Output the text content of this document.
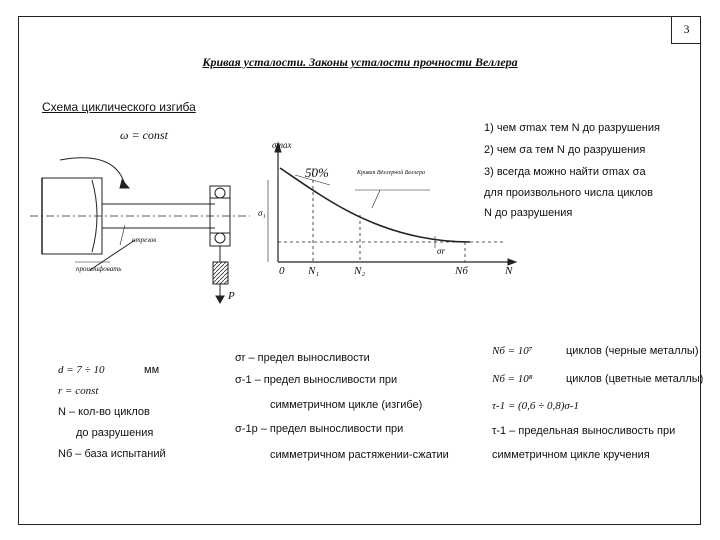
3
Кривая усталости. Законы усталости прочности Веллера
Схема циклического изгиба
ω = const
P
отрезок
прошлифовать
σmax
N
0 N₁	N₂	Nб
σ₁
σr
50%	Кривая Вёхлерной Веллера
1) чем σmax тем N до разрушения
2) чем σa тем N до разрушения
3) всегда можно найти σmax σa
для произвольного числа циклов
N до разрушения
d = 7 ÷ 10	мм
r = const
N – кол-во циклов
до разрушения
Nб – база испытаний
σr – предел выносливости
σ-1 – предел выносливости при
симметричном цикле (изгибе)
σ-1p – предел выносливости при
симметричном растяжении-сжатии
Nб = 10⁷	циклов (черные металлы)
Nб = 10⁸	циклов (цветные металлы)
τ-1 = (0,6 ÷ 0,8)σ-1
τ-1 – предельная выносливость при
симметричном цикле кручения
